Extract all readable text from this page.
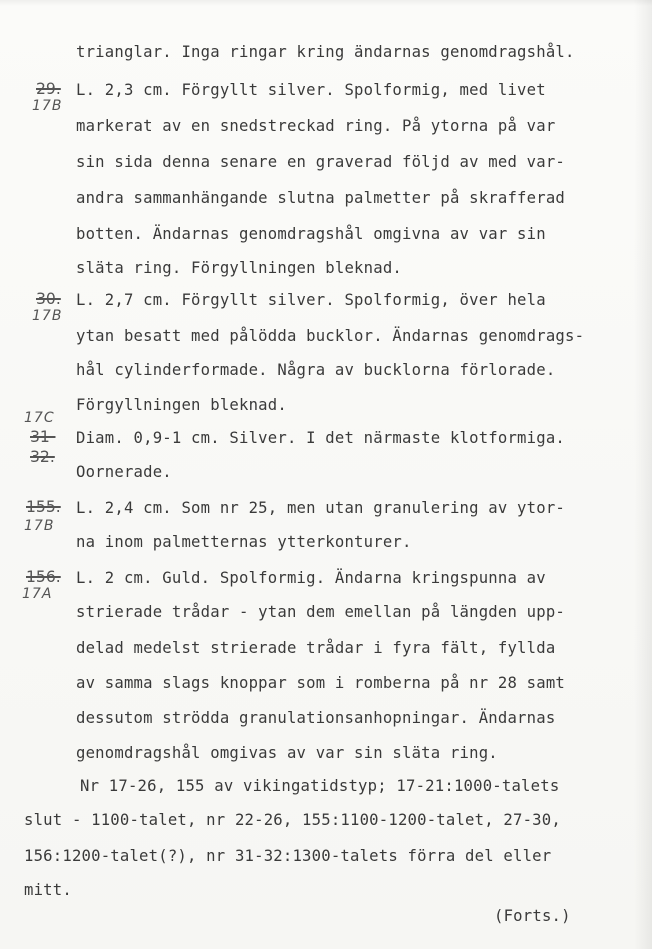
trianglar. Inga ringar kring ändarnas genomdragshål.
L. 2,3 cm. Förgyllt silver. Spolformig, med livet
markerat av en snedstreckad ring. På ytorna på var
sin sida denna senare en graverad följd av med var-
andra sammanhängande slutna palmetter på skrafferad
botten. Ändarnas genomdragshål omgivna av var sin
släta ring. Förgyllningen bleknad.
L. 2,7 cm. Förgyllt silver. Spolformig, över hela
ytan besatt med pålödda bucklor. Ändarnas genomdrags-
hål cylinderformade. Några av bucklorna förlorade.
Förgyllningen bleknad.
Diam. 0,9-1 cm. Silver. I det närmaste klotformiga.
Oornerade.
L. 2,4 cm. Som nr 25, men utan granulering av ytor-
na inom palmetternas ytterkonturer.
L. 2 cm. Guld. Spolformig. Ändarna kringspunna av
strierade trådar - ytan dem emellan på längden upp-
delad medelst strierade trådar i fyra fält, fyllda
av samma slags knoppar som i romberna på nr 28 samt
dessutom strödda granulationsanhopningar. Ändarnas
genomdragshål omgivas av var sin släta ring.
Nr 17-26, 155 av vikingatidstyp; 17-21:1000-talets
slut - 1100-talet, nr 22-26, 155:1100-1200-talet, 27-30,
156:1200-talet(?), nr 31-32:1300-talets förra del eller
mitt.
(Forts.)
29.
17B
30.
17B
17C
31-
32.
155.
17B
156.
17A
